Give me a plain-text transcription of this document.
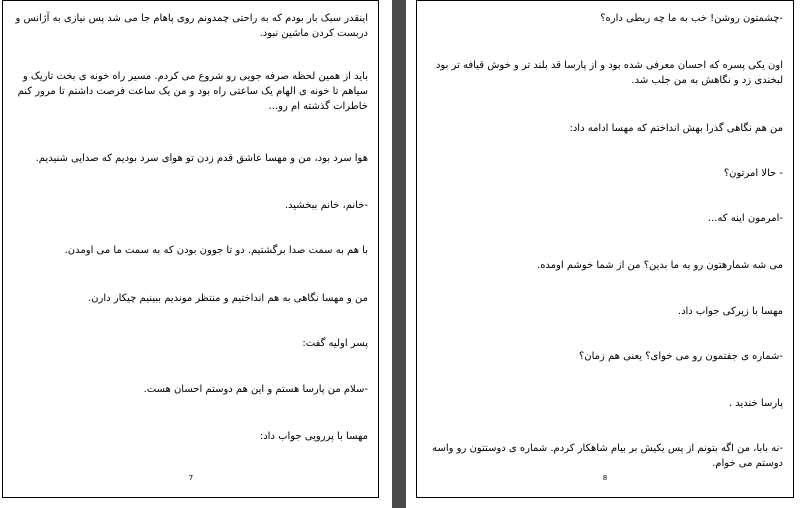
اینقدر سبک بار بودم که به راحتی چمدونم روی پاهام جا می شد پس نیازی به آژانس و دربست کردن ماشین نبود.

باید از همین لحظه صرفه جویی رو شروع می کردم. مسیر راه خونه ی بخت تاریک و سیاهم تا خونه ی الهام یک ساعتی راه بود و من یک ساعت فرصت داشتم تا مرور کنم خاطرات گذشته ام رو...

هوا سرد بود، من و مهسا عاشق قدم زدن تو هوای سرد بودیم که صدایی شنیدیم.

-خانم، خانم ببخشید.

با هم به سمت صدا برگشتیم. دو تا جوون بودن که به سمت ما می اومدن.

من و مهسا نگاهی به هم انداختیم و منتظر موندیم ببینیم چیکار دارن.

پسر اولیه گفت:

-سلام من پارسا هستم و این هم دوستم احسان هست.

مهسا با پررویی جواب داد:

7

-چشمتون روشن! خب به ما چه ربطی داره؟

اون یکی پسره که احسان معرفی شده بود و از پارسا قد بلند تر و خوش قیافه تر بود لبخندی زد و نگاهش به من جلب شد.

من هم نگاهی گذرا بهش انداختم که مهسا ادامه داد:

- حالا امرتون؟

-امرمون اینه که...

می شه شمارهتون رو به ما بدین؟ من از شما خوشم اومده.

مهسا با زیرکی جواب داد.

-شماره ی جفتمون رو می خوای؟ یعنی هم زمان؟

پارسا خندید .

-نه بابا، من اگه بتونم از پس یکیش بر بیام شاهکار کردم. شماره ی دوستتون رو واسه دوستم می خوام.

8
